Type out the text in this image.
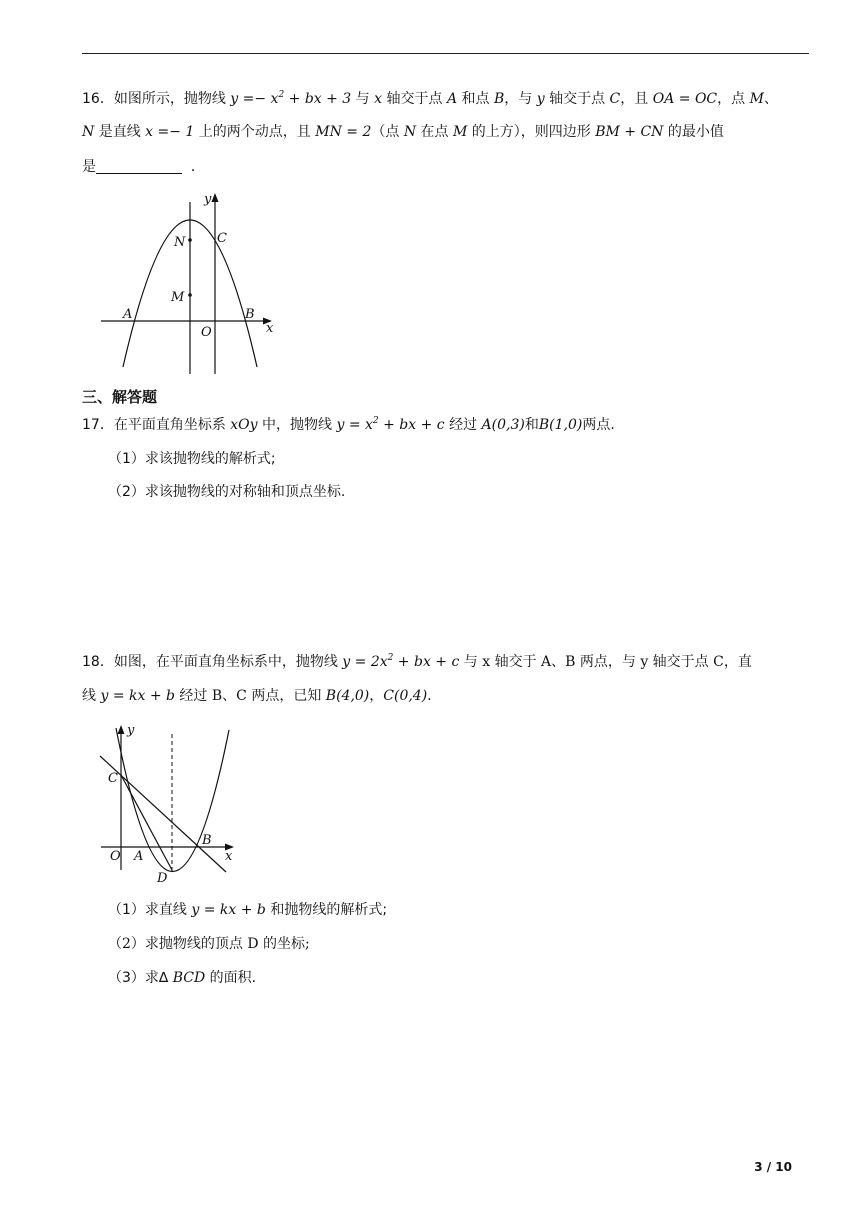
16．如图所示，抛物线 $y =- x^2$ + bx + 3 与 x 轴交于点 A 和点 B，与 y 轴交于点 C，且 OA = OC，点 M、
N 是直线 x =− 1 上的两个动点，且 MN = 2（点 N 在点 M 的上方），则四边形 BM + CN 的最小值
是	．
y
N C
M
A	B
O	x
三、解答题
17．在平面直角坐标系 xOy 中，抛物线 $y = x^2$ + bx + c 经过 A(0,3)和B(1,0)两点.
（1）求该抛物线的解析式;
（2）求该抛物线的对称轴和顶点坐标.
18．如图，在平面直角坐标系中，抛物线 $y = 2x^2$ + bx + c 与 x 轴交于 A、B 两点，与 y 轴交于点 C，直
线 y = kx + b 经过 B、C 两点，已知 B(4,0)，C(0,4).
y
C
O A
B
x
D
（1）求直线 y = kx + b 和抛物线的解析式;
（2）求抛物线的顶点 D 的坐标;
（3）求∆ BCD 的面积.
3 / 10
